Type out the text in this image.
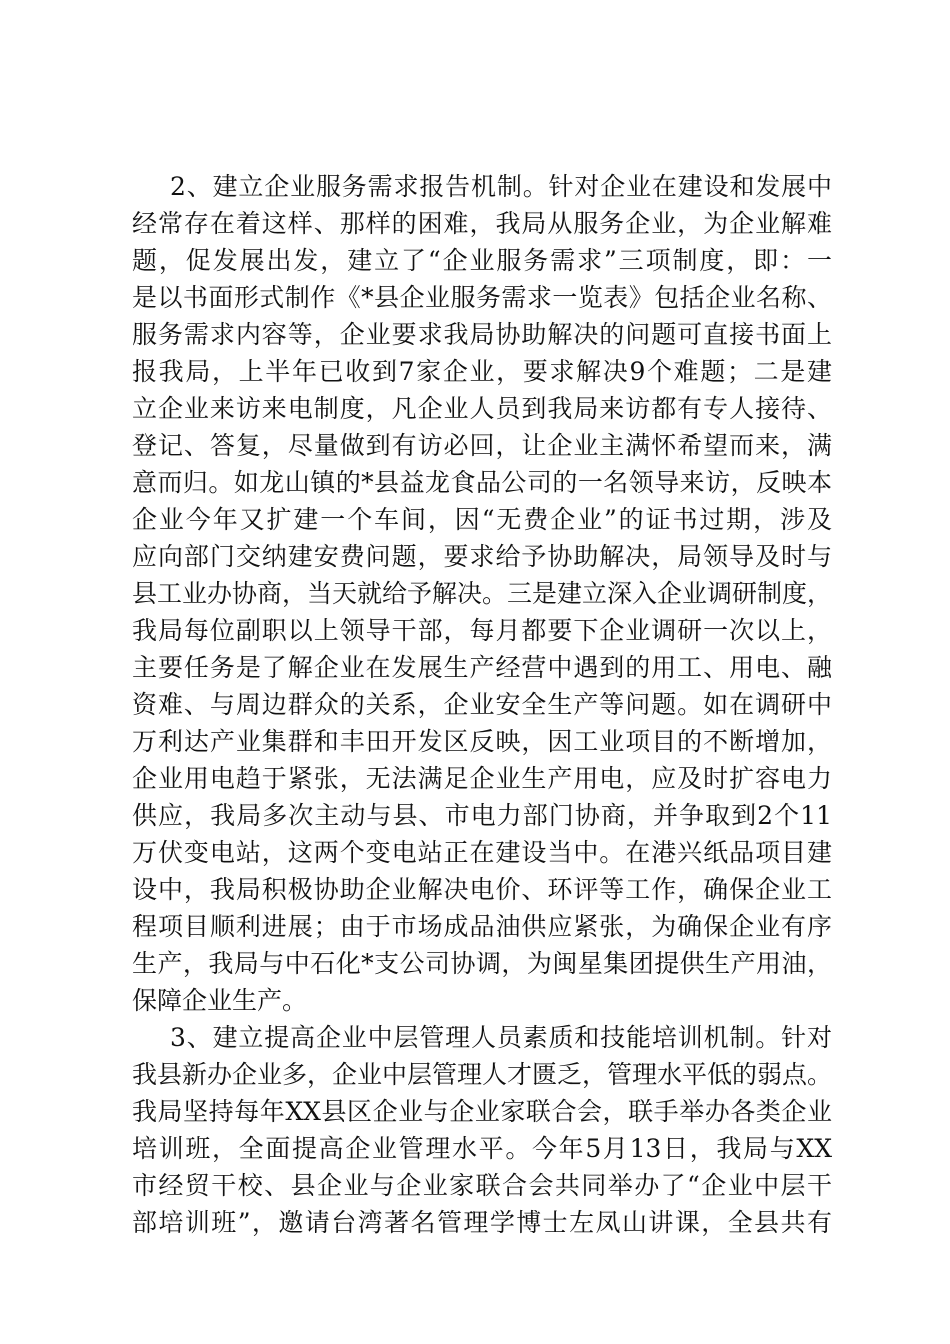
2、建立企业服务需求报告机制。针对企业在建设和发展中
经常存在着这样、那样的困难，我局从服务企业，为企业解难
题，促发展出发，建立了“企业服务需求”三项制度，即：一
是以书面形式制作《*县企业服务需求一览表》包括企业名称、
服务需求内容等，企业要求我局协助解决的问题可直接书面上
报我局，上半年已收到7家企业，要求解决9个难题；二是建
立企业来访来电制度，凡企业人员到我局来访都有专人接待、
登记、答复，尽量做到有访必回，让企业主满怀希望而来，满
意而归。如龙山镇的*县益龙食品公司的一名领导来访，反映本
企业今年又扩建一个车间，因“无费企业”的证书过期，涉及
应向部门交纳建安费问题，要求给予协助解决，局领导及时与
县工业办协商，当天就给予解决。三是建立深入企业调研制度，
我局每位副职以上领导干部，每月都要下企业调研一次以上，
主要任务是了解企业在发展生产经营中遇到的用工、用电、融
资难、与周边群众的关系，企业安全生产等问题。如在调研中
万利达产业集群和丰田开发区反映，因工业项目的不断增加，
企业用电趋于紧张，无法满足企业生产用电，应及时扩容电力
供应，我局多次主动与县、市电力部门协商，并争取到2个11
万伏变电站，这两个变电站正在建设当中。在港兴纸品项目建
设中，我局积极协助企业解决电价、环评等工作，确保企业工
程项目顺利进展；由于市场成品油供应紧张，为确保企业有序
生产，我局与中石化*支公司协调，为闽星集团提供生产用油，
保障企业生产。
3、建立提高企业中层管理人员素质和技能培训机制。针对
我县新办企业多，企业中层管理人才匮乏，管理水平低的弱点。
我局坚持每年XX县区企业与企业家联合会，联手举办各类企业
培训班，全面提高企业管理水平。今年5月13日，我局与XX
市经贸干校、县企业与企业家联合会共同举办了“企业中层干
部培训班”，邀请台湾著名管理学博士左凤山讲课，全县共有
